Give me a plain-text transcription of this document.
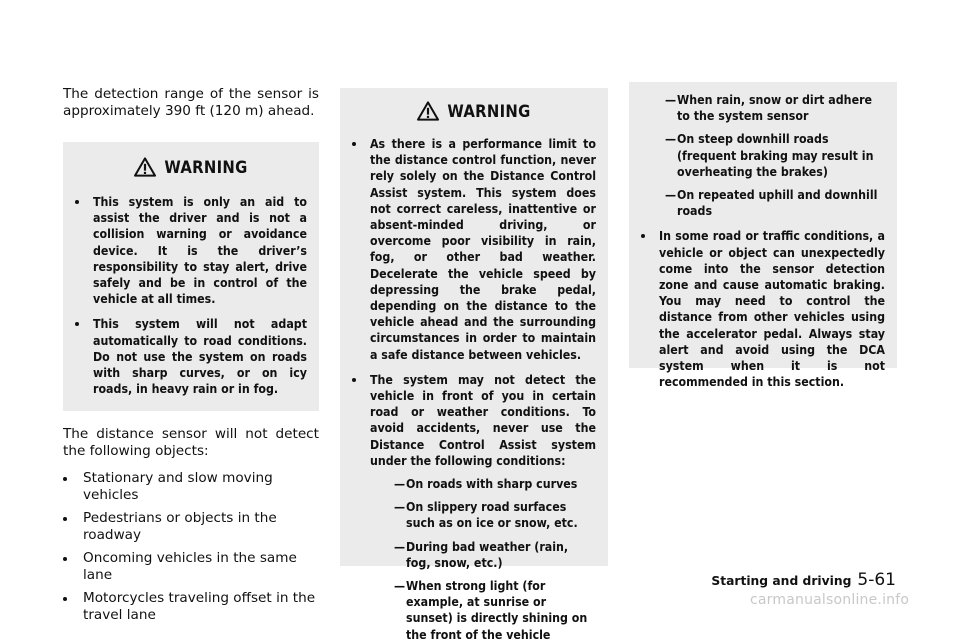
The detection range of the sensor is approximately 390 ft (120 m) ahead.

WARNING
This system is only an aid to assist the driver and is not a collision warning or avoidance device. It is the driver’s responsibility to stay alert, drive safely and be in control of the vehicle at all times.
This system will not adapt automatically to road conditions. Do not use the system on roads with sharp curves, or on icy roads, in heavy rain or in fog.

The distance sensor will not detect the following objects:

Stationary and slow moving vehicles
Pedestrians or objects in the roadway
Oncoming vehicles in the same lane
Motorcycles traveling offset in the travel lane
WARNING
As there is a performance limit to the distance control function, never rely solely on the Distance Control Assist system. This system does not correct careless, inattentive or absent-minded driving, or overcome poor visibility in rain, fog, or other bad weather. Decelerate the vehicle speed by depressing the brake pedal, depending on the distance to the vehicle ahead and the surrounding circumstances in order to maintain a safe distance between vehicles.
The system may not detect the vehicle in front of you in certain road or weather conditions. To avoid accidents, never use the Distance Control Assist system under the following conditions:
—On roads with sharp curves
—On slippery road surfaces such as on ice or snow, etc.
—During bad weather (rain, fog, snow, etc.)
—When strong light (for example, at sunrise or sunset) is directly shining on the front of the vehicle
—When rain, snow or dirt adhere to the system sensor
—On steep downhill roads (frequent braking may result in overheating the brakes)
—On repeated uphill and downhill roads
In some road or traffic conditions, a vehicle or object can unexpectedly come into the sensor detection zone and cause automatic braking. You may need to control the distance from other vehicles using the accelerator pedal. Always stay alert and avoid using the DCA system when it is not recommended in this section.
Starting and driving 5-61
carmanualsonline.info
